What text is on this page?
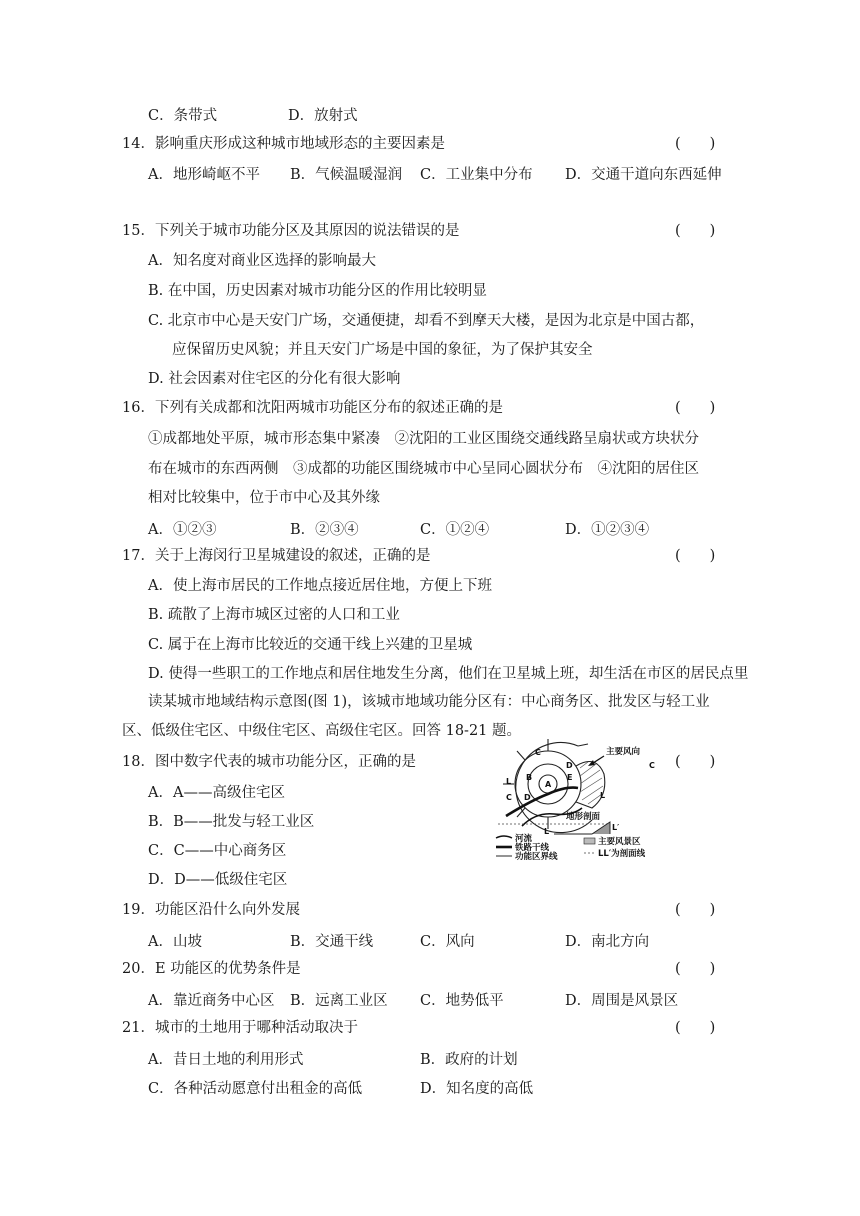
C．条带式	D．放射式
14．影响重庆形成这种城市地域形态的主要因素是	(　　)
A．地形崎岖不平	B．气候温暖湿润	C．工业集中分布	D．交通干道向东西延伸
15．下列关于城市功能分区及其原因的说法错误的是	(　　)
A．知名度对商业区选择的影响最大
B. 在中国，历史因素对城市功能分区的作用比较明显
C. 北京市中心是天安门广场，交通便捷，却看不到摩天大楼，是因为北京是中国古都，
应保留历史风貌；并且天安门广场是中国的象征，为了保护其安全
D. 社会因素对住宅区的分化有很大影响
16．下列有关成都和沈阳两城市功能区分布的叙述正确的是	(　　)
①成都地处平原，城市形态集中紧凑　②沈阳的工业区围绕交通线路呈扇状或方块状分
布在城市的东西两侧　③成都的功能区围绕城市中心呈同心圆状分布　④沈阳的居住区
相对比较集中，位于市中心及其外缘
A．①②③	B．②③④	C．①②④	D．①②③④
17．关于上海闵行卫星城建设的叙述，正确的是	(　　)
A．使上海市居民的工作地点接近居住地，方便上下班
B. 疏散了上海市城区过密的人口和工业
C. 属于在上海市比较近的交通干线上兴建的卫星城
D. 使得一些职工的工作地点和居住地发生分离，他们在卫星城上班，却生活在市区的居民点里
读某城市地域结构示意图(图 1)，该城市地域功能分区有：中心商务区、批发区与轻工业
区、低级住宅区、中级住宅区、高级住宅区。回答 18-21 题。
18．图中数字代表的城市功能分区，正确的是	(　　)
A．A——高级住宅区
B．B——批发与轻工业区
C．C——中心商务区
D．D——低级住宅区
A
B
C
C
C D
D
E
L
L
L	L′
主要风向
地形剖面
河流
铁路干线
功能区界线
主要风景区
LL′为剖面线
19．功能区沿什么向外发展	(　　)
A．山坡	B．交通干线	C．风向	D．南北方向
20．E 功能区的优势条件是	(　　)
A．靠近商务中心区	B．远离工业区	C．地势低平	D．周围是风景区
21．城市的土地用于哪种活动取决于	(　　)
A．昔日土地的利用形式	B．政府的计划
C．各种活动愿意付出租金的高低	D．知名度的高低
